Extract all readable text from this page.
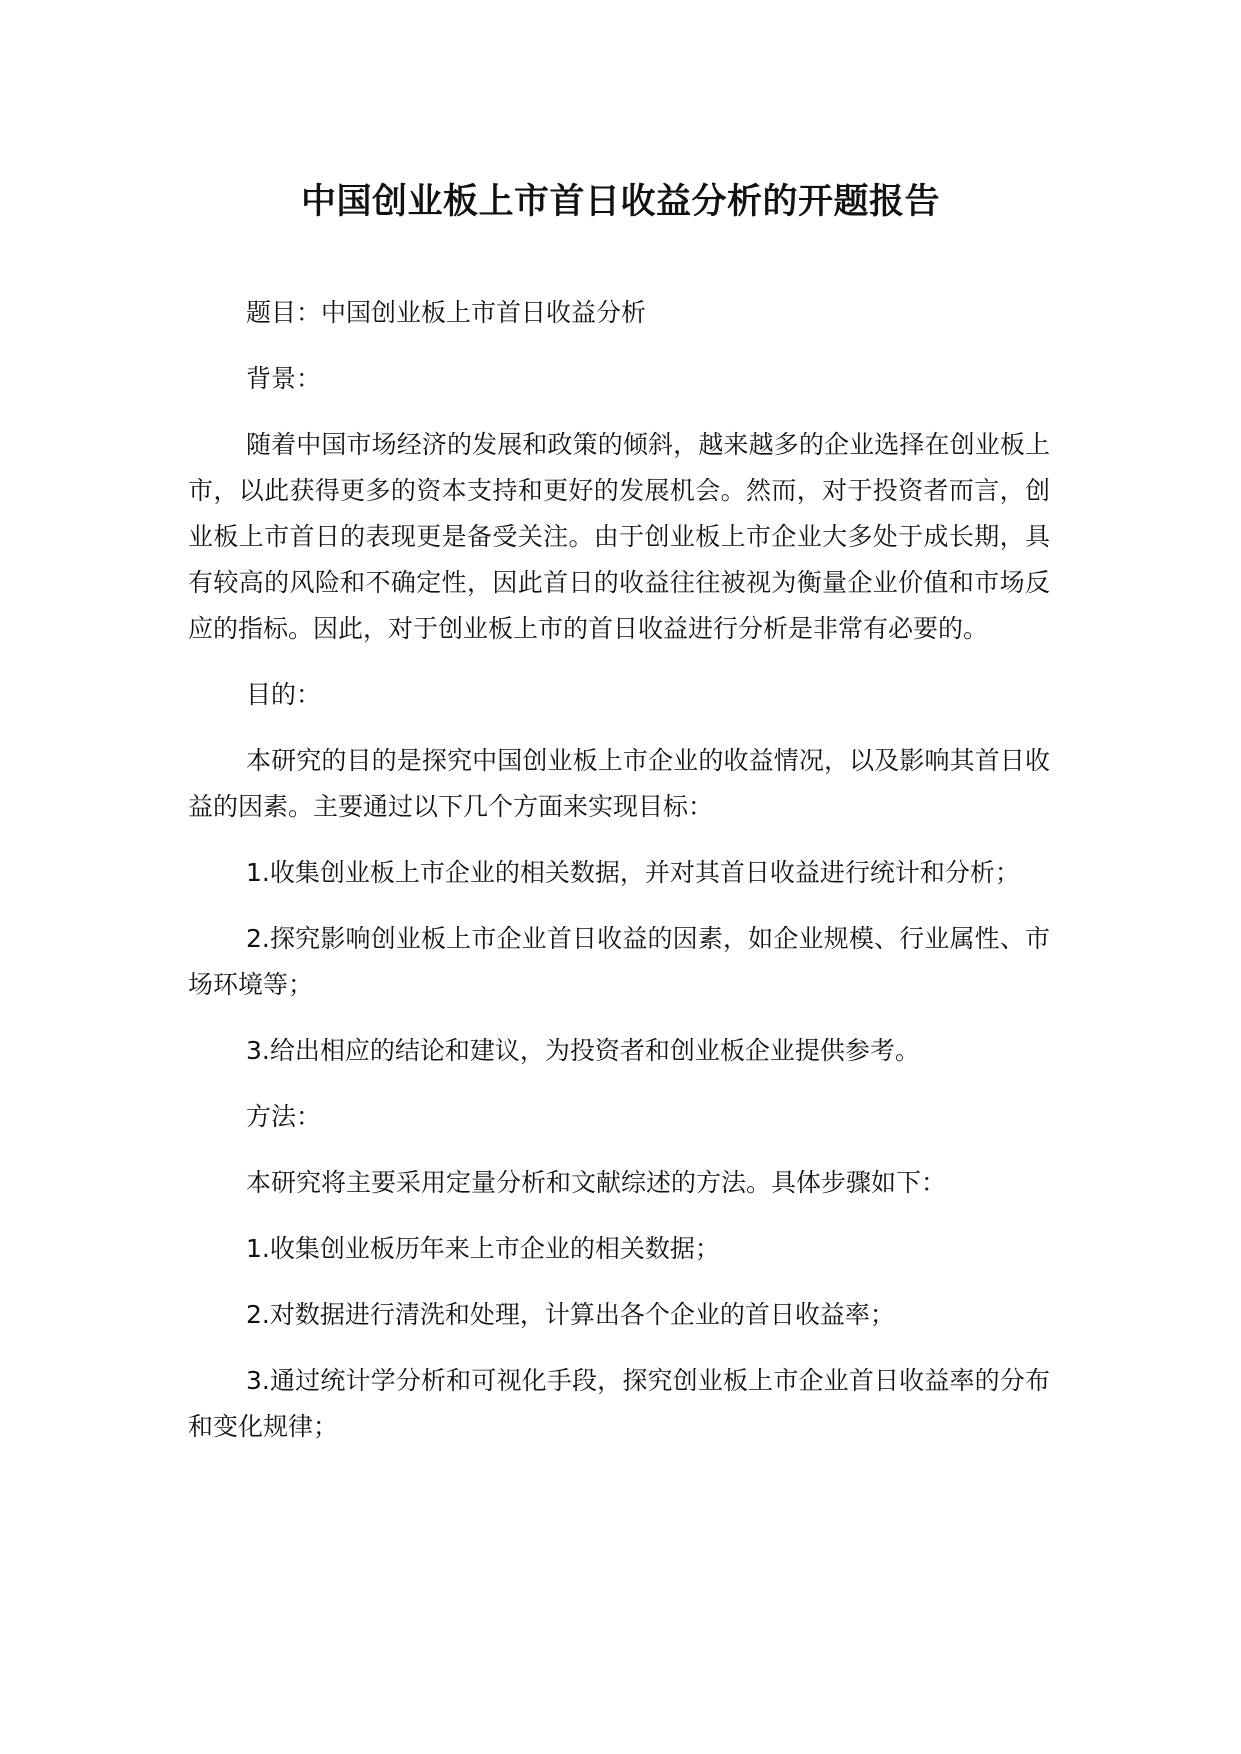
中国创业板上市首日收益分析的开题报告

题目：中国创业板上市首日收益分析

背景：

随着中国市场经济的发展和政策的倾斜，越来越多的企业选择在创业板上市，以此获得更多的资本支持和更好的发展机会。然而，对于投资者而言，创业板上市首日的表现更是备受关注。由于创业板上市企业大多处于成长期，具有较高的风险和不确定性，因此首日的收益往往被视为衡量企业价值和市场反应的指标。因此，对于创业板上市的首日收益进行分析是非常有必要的。

目的：

本研究的目的是探究中国创业板上市企业的收益情况，以及影响其首日收益的因素。主要通过以下几个方面来实现目标：

1.收集创业板上市企业的相关数据，并对其首日收益进行统计和分析；

2.探究影响创业板上市企业首日收益的因素，如企业规模、行业属性、市场环境等；

3.给出相应的结论和建议，为投资者和创业板企业提供参考。

方法：

本研究将主要采用定量分析和文献综述的方法。具体步骤如下：

1.收集创业板历年来上市企业的相关数据；

2.对数据进行清洗和处理，计算出各个企业的首日收益率；

3.通过统计学分析和可视化手段，探究创业板上市企业首日收益率的分布和变化规律；
